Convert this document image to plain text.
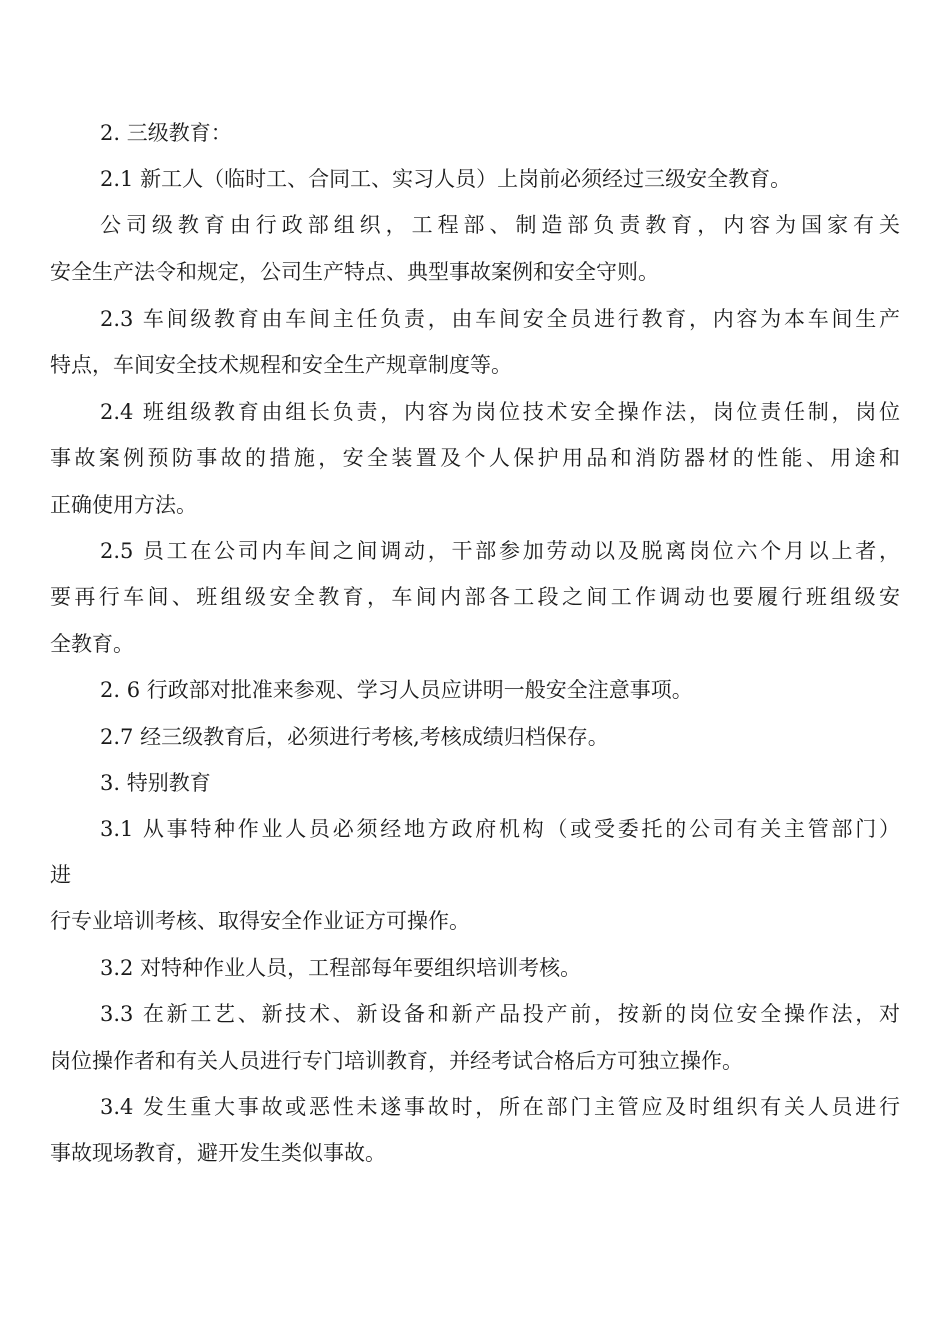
2. 三级教育：
2.1 新工人（临时工、合同工、实习人员）上岗前必须经过三级安全教育。
公司级教育由行政部组织，工程部、制造部负责教育，内容为国家有关
安全生产法令和规定，公司生产特点、典型事故案例和安全守则。
2.3 车间级教育由车间主任负责，由车间安全员进行教育，内容为本车间生产
特点，车间安全技术规程和安全生产规章制度等。
2.4 班组级教育由组长负责，内容为岗位技术安全操作法，岗位责任制，岗位
事故案例预防事故的措施，安全装置及个人保护用品和消防器材的性能、用途和
正确使用方法。
2.5 员工在公司内车间之间调动，干部参加劳动以及脱离岗位六个月以上者，
要再行车间、班组级安全教育，车间内部各工段之间工作调动也要履行班组级安
全教育。
2. 6 行政部对批准来参观、学习人员应讲明一般安全注意事项。
2.7 经三级教育后，必须进行考核,考核成绩归档保存。
3. 特别教育
3.1 从事特种作业人员必须经地方政府机构（或受委托的公司有关主管部门）
进
行专业培训考核、取得安全作业证方可操作。
3.2 对特种作业人员，工程部每年要组织培训考核。
3.3 在新工艺、新技术、新设备和新产品投产前，按新的岗位安全操作法，对
岗位操作者和有关人员进行专门培训教育，并经考试合格后方可独立操作。
3.4 发生重大事故或恶性未遂事故时，所在部门主管应及时组织有关人员进行
事故现场教育，避开发生类似事故。
